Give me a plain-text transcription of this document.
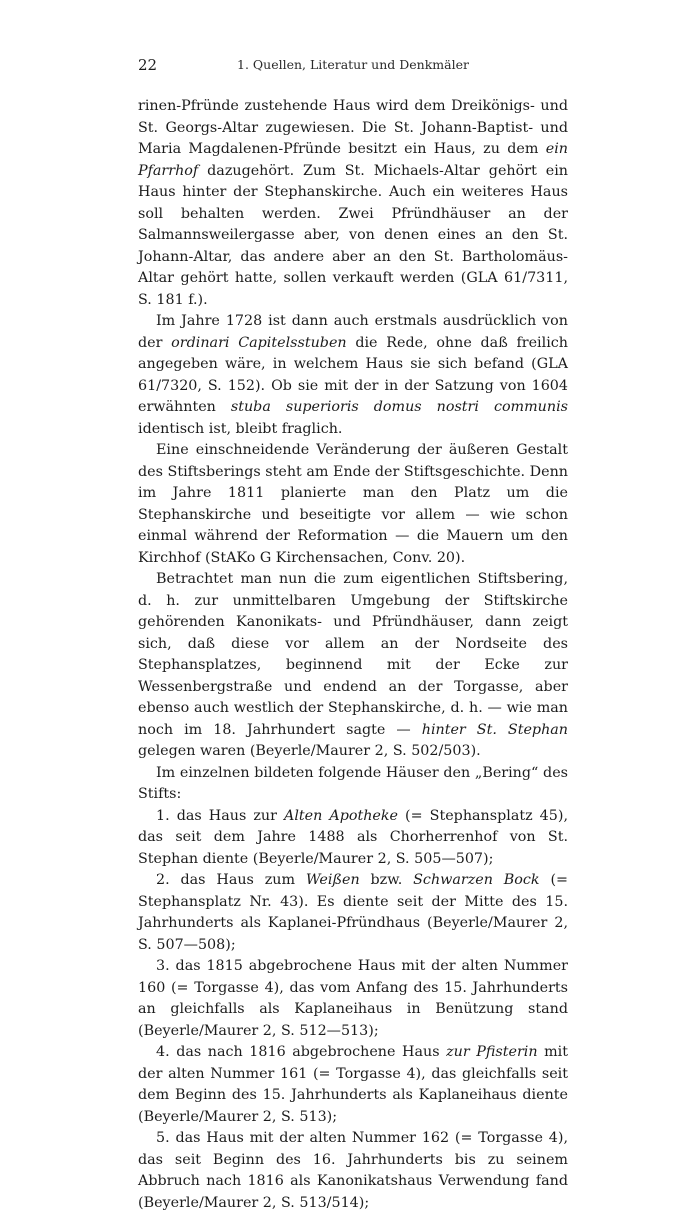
22	1. Quellen, Literatur und Denkmäler

rinen-Pfründe zustehende Haus wird dem Dreikönigs- und St. Georgs-Altar zugewiesen. Die St. Johann-Baptist- und Maria Magdalenen-Pfründe besitzt ein Haus, zu dem ein Pfarrhof dazugehört. Zum St. Michaels-Altar gehört ein Haus hinter der Stephanskirche. Auch ein weiteres Haus soll behalten werden. Zwei Pfründhäuser an der Salmannsweilergasse aber, von denen eines an den St. Johann-Altar, das andere aber an den St. Bartholomäus-Altar gehört hatte, sollen verkauft werden (GLA 61/7311, S. 181 f.).

Im Jahre 1728 ist dann auch erstmals ausdrücklich von der ordinari Capitelsstuben die Rede, ohne daß freilich angegeben wäre, in welchem Haus sie sich befand (GLA 61/7320, S. 152). Ob sie mit der in der Satzung von 1604 erwähnten stuba superioris domus nostri communis identisch ist, bleibt fraglich.

Eine einschneidende Veränderung der äußeren Gestalt des Stiftsberings steht am Ende der Stiftsgeschichte. Denn im Jahre 1811 planierte man den Platz um die Stephanskirche und beseitigte vor allem — wie schon einmal während der Reformation — die Mauern um den Kirchhof (StAKo G Kirchensachen, Conv. 20).

Betrachtet man nun die zum eigentlichen Stiftsbering, d. h. zur unmittelbaren Umgebung der Stiftskirche gehörenden Kanonikats- und Pfründhäuser, dann zeigt sich, daß diese vor allem an der Nordseite des Stephansplatzes, beginnend mit der Ecke zur Wessenbergstraße und endend an der Torgasse, aber ebenso auch westlich der Stephanskirche, d. h. — wie man noch im 18. Jahrhundert sagte — hinter St. Stephan gelegen waren (Beyerle/Maurer 2, S. 502/503).

Im einzelnen bildeten folgende Häuser den „Bering“ des Stifts:

1. das Haus zur Alten Apotheke (= Stephansplatz 45), das seit dem Jahre 1488 als Chorherrenhof von St. Stephan diente (Beyerle/Maurer 2, S. 505—507);

2. das Haus zum Weißen bzw. Schwarzen Bock (= Stephansplatz Nr. 43). Es diente seit der Mitte des 15. Jahrhunderts als Kaplanei-Pfründhaus (Beyerle/Maurer 2, S. 507—508);

3. das 1815 abgebrochene Haus mit der alten Nummer 160 (= Torgasse 4), das vom Anfang des 15. Jahrhunderts an gleichfalls als Kaplaneihaus in Benützung stand (Beyerle/Maurer 2, S. 512—513);

4. das nach 1816 abgebrochene Haus zur Pfisterin mit der alten Nummer 161 (= Torgasse 4), das gleichfalls seit dem Beginn des 15. Jahrhunderts als Kaplaneihaus diente (Beyerle/Maurer 2, S. 513);

5. das Haus mit der alten Nummer 162 (= Torgasse 4), das seit Beginn des 16. Jahrhunderts bis zu seinem Abbruch nach 1816 als Kanonikatshaus Verwendung fand (Beyerle/Maurer 2, S. 513/514);
